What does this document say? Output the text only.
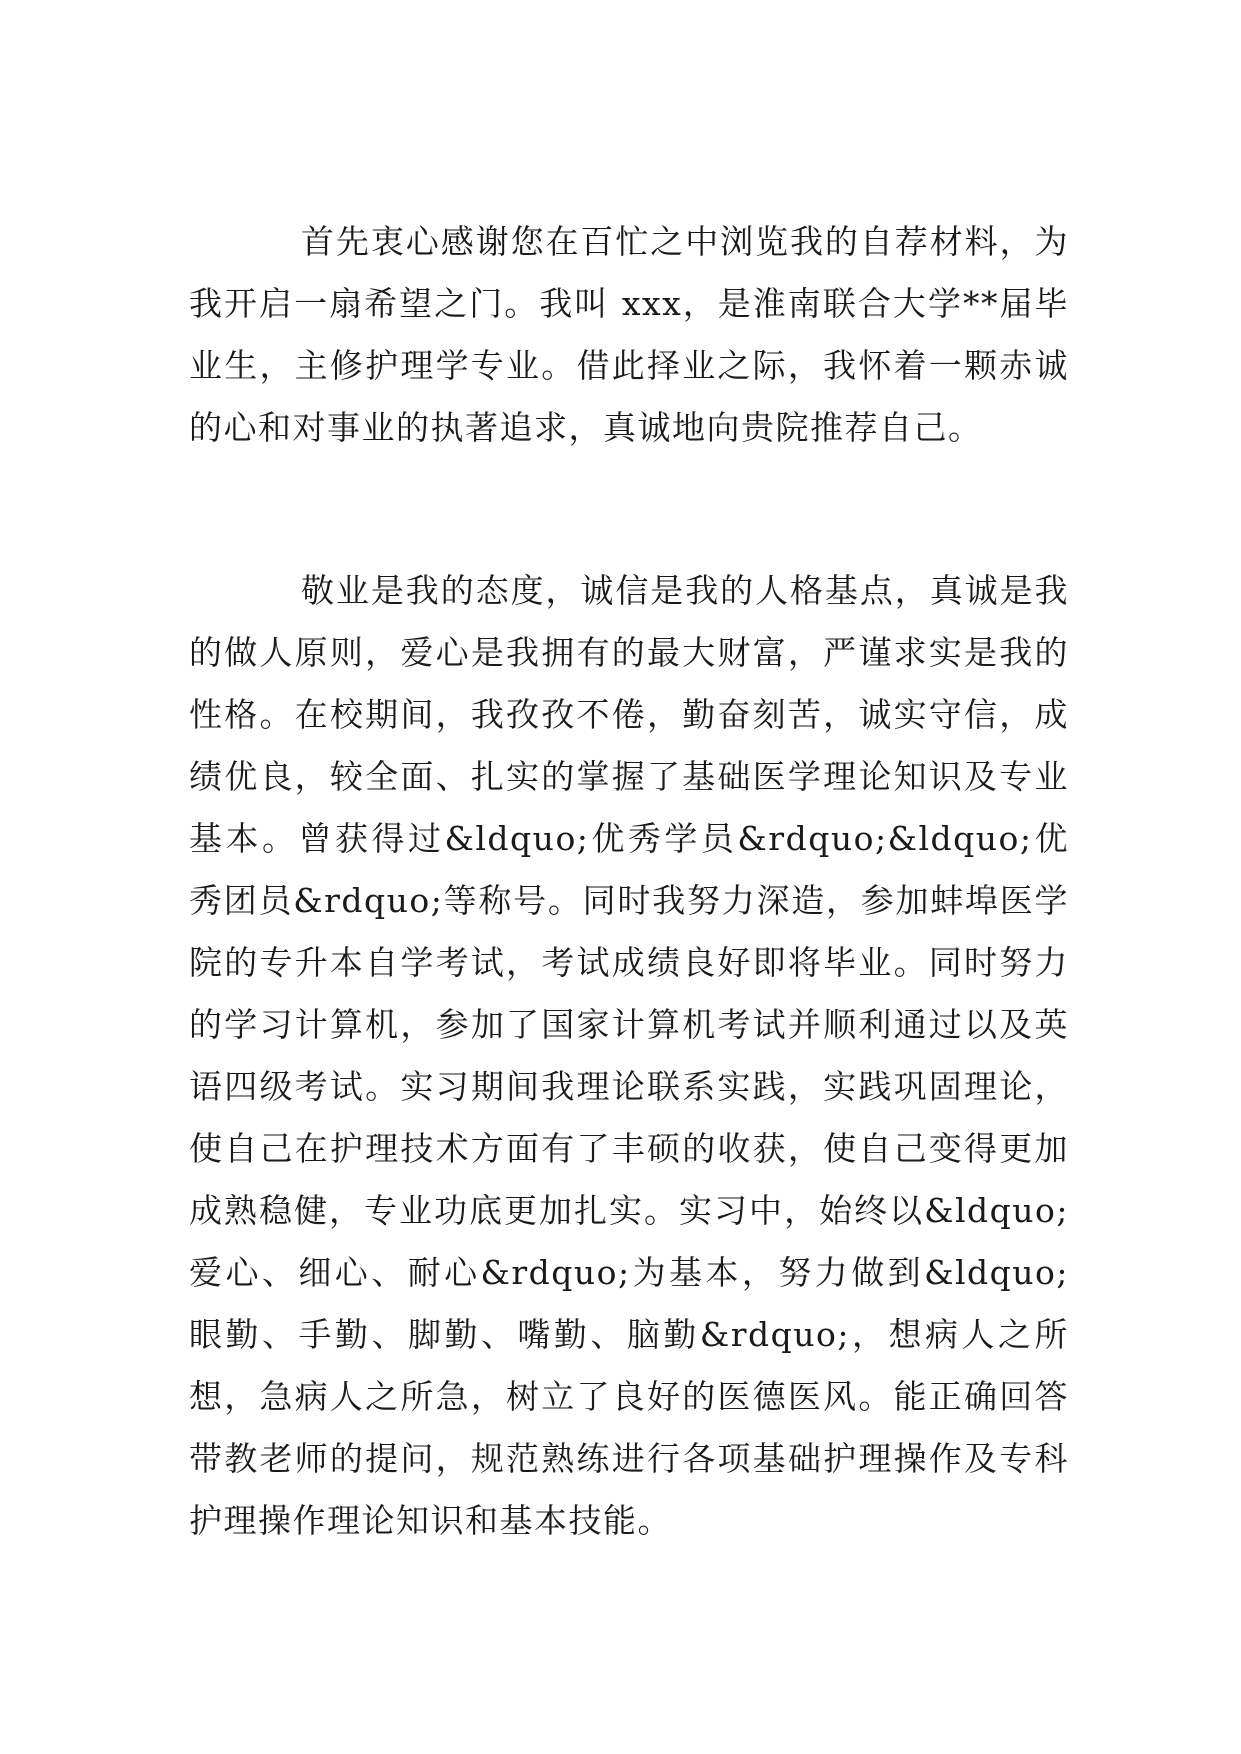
首先衷心感谢您在百忙之中浏览我的自荐材料，为我开启一扇希望之门。我叫 xxx，是淮南联合大学**届毕业生，主修护理学专业。借此择业之际，我怀着一颗赤诚的心和对事业的执著追求，真诚地向贵院推荐自己。

敬业是我的态度，诚信是我的人格基点，真诚是我的做人原则，爱心是我拥有的最大财富，严谨求实是我的性格。在校期间，我孜孜不倦，勤奋刻苦，诚实守信，成绩优良，较全面、扎实的掌握了基础医学理论知识及专业基本。曾获得过&ldquo;优秀学员&rdquo;&ldquo;优秀团员&rdquo;等称号。同时我努力深造，参加蚌埠医学院的专升本自学考试，考试成绩良好即将毕业。同时努力的学习计算机，参加了国家计算机考试并顺利通过以及英语四级考试。实习期间我理论联系实践，实践巩固理论，使自己在护理技术方面有了丰硕的收获，使自己变得更加成熟稳健，专业功底更加扎实。实习中，始终以&ldquo;爱心、细心、耐心&rdquo;为基本，努力做到&ldquo;眼勤、手勤、脚勤、嘴勤、脑勤&rdquo;，想病人之所想，急病人之所急，树立了良好的医德医风。能正确回答带教老师的提问，规范熟练进行各项基础护理操作及专科护理操作理论知识和基本技能。
